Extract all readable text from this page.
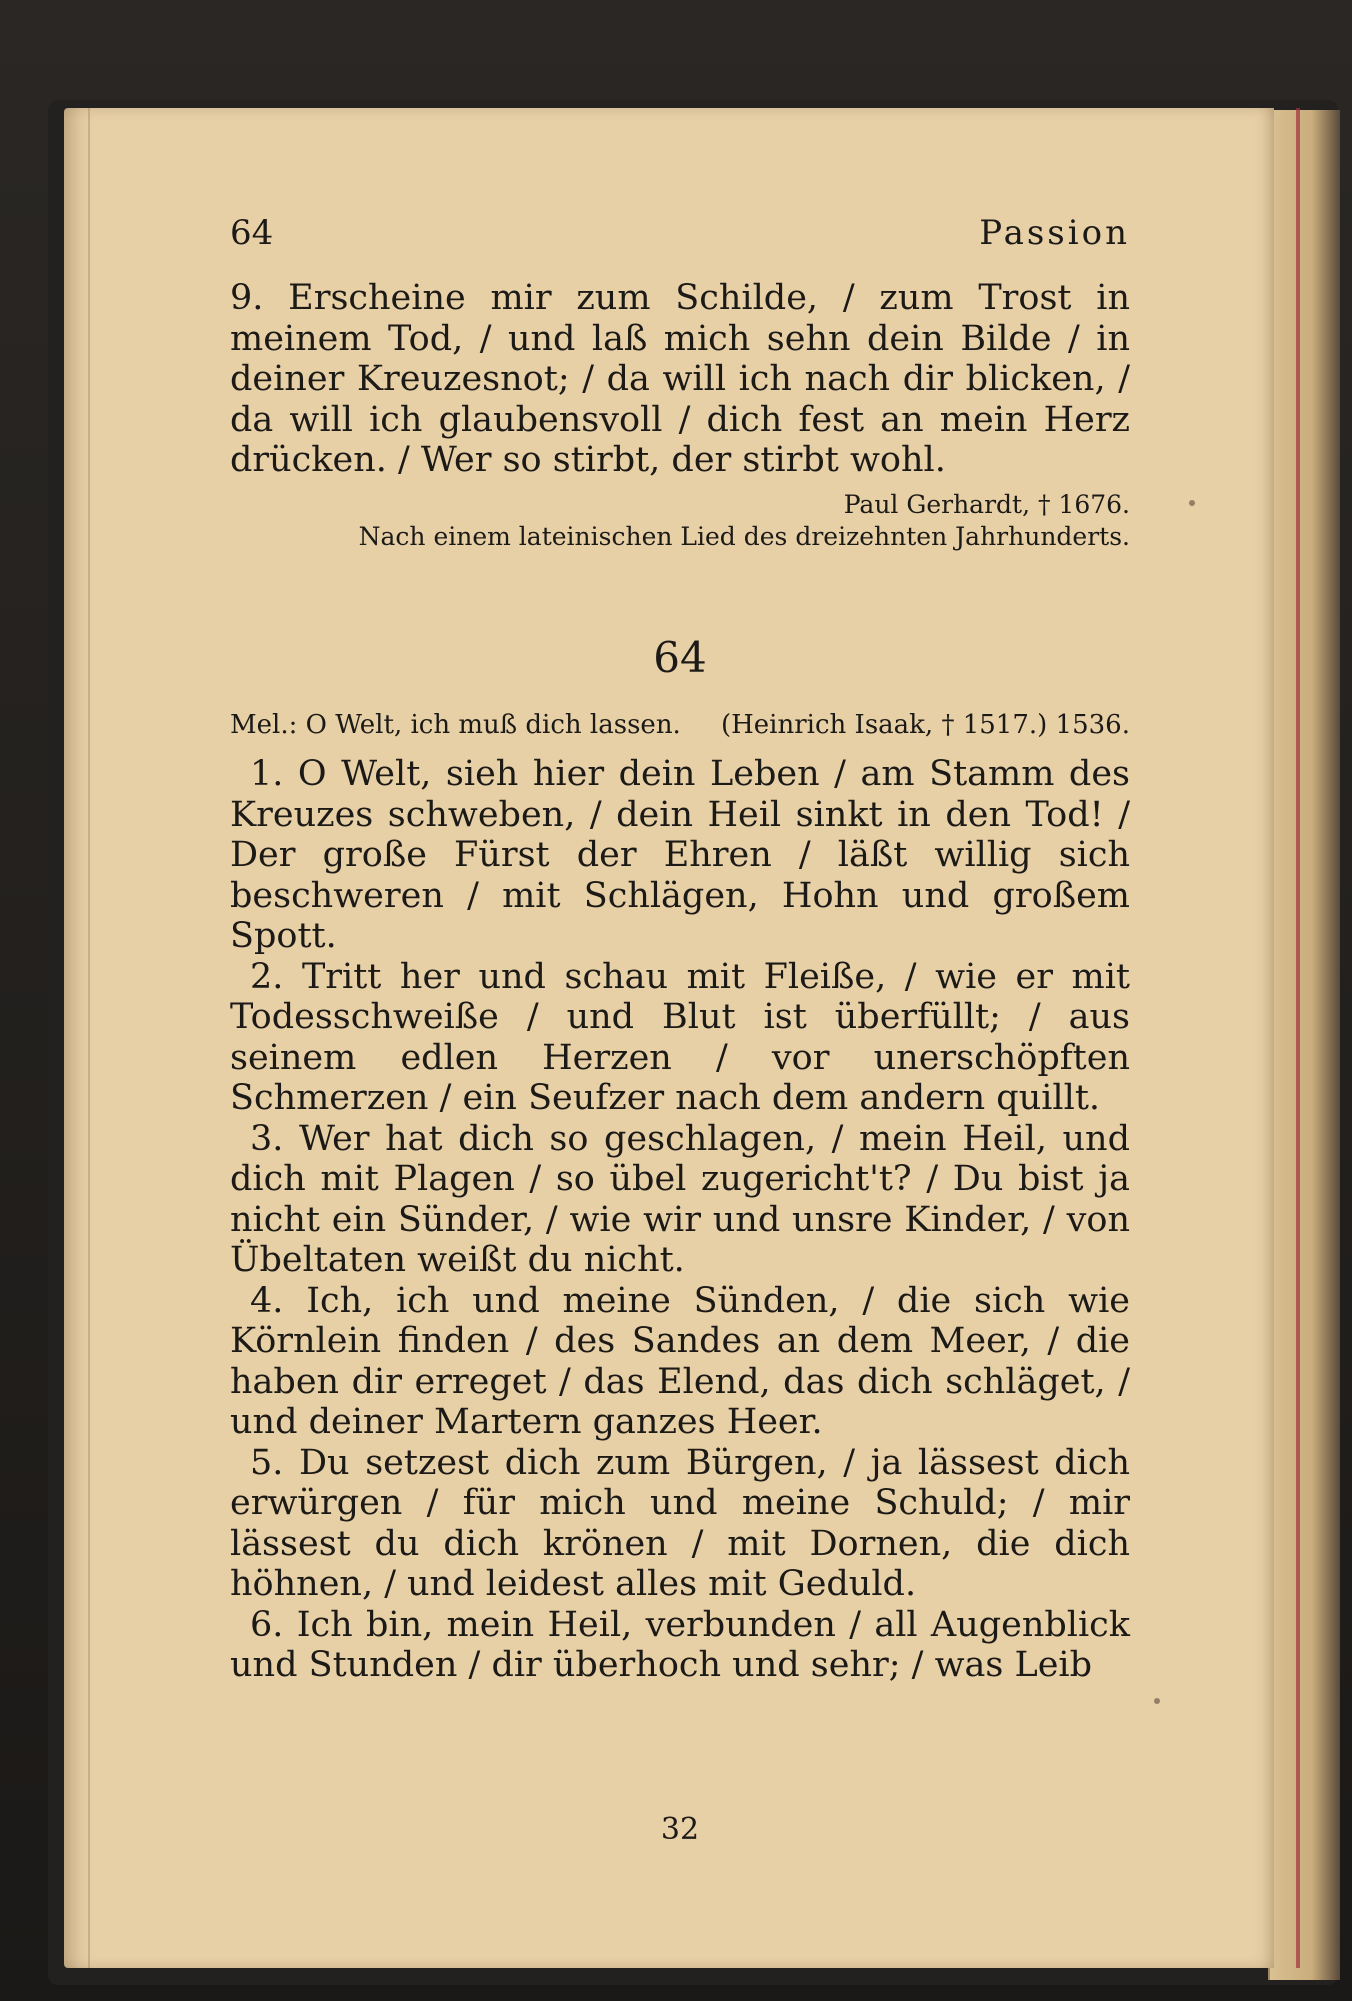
64	Passion

9. Erscheine mir zum Schilde, / zum Trost in meinem Tod, / und laß mich sehn dein Bilde / in deiner Kreuzesnot; / da will ich nach dir blicken, / da will ich glaubensvoll / dich fest an mein Herz drücken. / Wer so stirbt, der stirbt wohl.

Paul Gerhardt, † 1676.
Nach einem lateinischen Lied des dreizehnten Jahrhunderts.
64
Mel.: O Welt, ich muß dich lassen. (Heinrich Isaak, † 1517.) 1536.

1. O Welt, sieh hier dein Leben / am Stamm des Kreuzes schweben, / dein Heil sinkt in den Tod! / Der große Fürst der Ehren / läßt willig sich beschweren / mit Schlägen, Hohn und großem Spott.

2. Tritt her und schau mit Fleiße, / wie er mit Todesschweiße / und Blut ist überfüllt; / aus seinem edlen Herzen / vor unerschöpften Schmerzen / ein Seufzer nach dem andern quillt.

3. Wer hat dich so geschlagen, / mein Heil, und dich mit Plagen / so übel zugericht't? / Du bist ja nicht ein Sünder, / wie wir und unsre Kinder, / von Übeltaten weißt du nicht.

4. Ich, ich und meine Sünden, / die sich wie Körnlein finden / des Sandes an dem Meer, / die haben dir erreget / das Elend, das dich schläget, / und deiner Martern ganzes Heer.

5. Du setzest dich zum Bürgen, / ja lässest dich erwürgen / für mich und meine Schuld; / mir lässest du dich krönen / mit Dornen, die dich höhnen, / und leidest alles mit Geduld.

6. Ich bin, mein Heil, verbunden / all Augenblick und Stunden / dir überhoch und sehr; / was Leib

32
